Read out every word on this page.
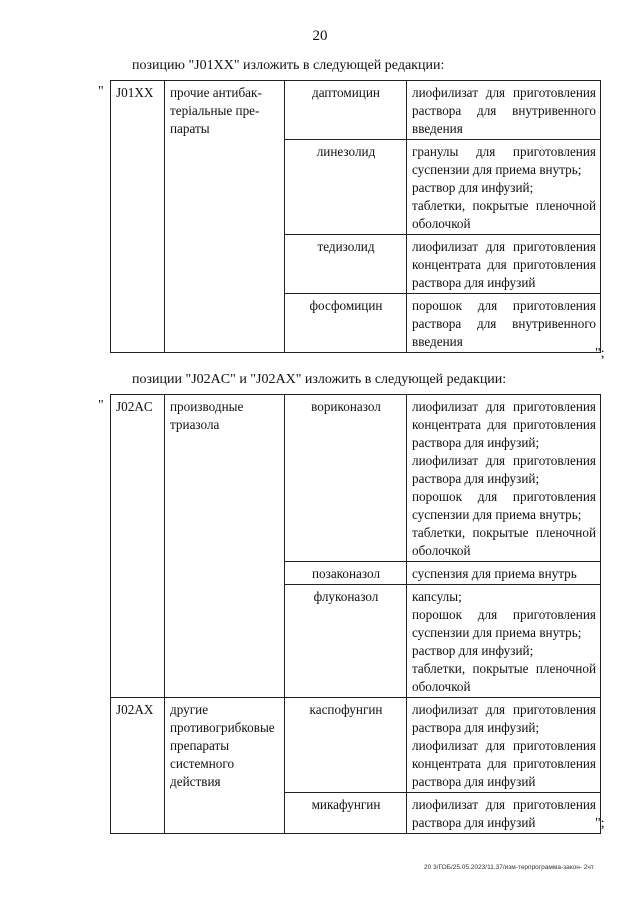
20
позицию "J01XX" изложить в следующей редакции:
" J01XX	прочие антибак-терiальные пре-параты	даптомицин	лиофилизат для приготовления раствора для внутривенного введения

		линезолид	гранулы для приготовления суспензии для приема внутрь;
раствор для инфузий;
таблетки, покрытые пленочной оболочкой

		тедизолид	лиофилизат для приготовления концентрата для приготовления раствора для инфузий

		фосфомицин	порошок для приготовления раствора для внутривенного введения
";
позиции "J02AC" и "J02AX" изложить в следующей редакции:
" J02AC	производные триазола	вориконазол	лиофилизат для приготовления концентрата для приготовления раствора для инфузий;
лиофилизат для приготовления раствора для инфузий;
порошок для приготовления суспензии для приема внутрь;
таблетки, покрытые пленочной оболочкой

		позаконазол	суспензия для приема внутрь

		флуконазол	капсулы;
порошок для приготовления суспензии для приема внутрь;
раствор для инфузий;
таблетки, покрытые пленочной оболочкой

J02AX	другие противогрибковые препараты системного действия	каспофунгин	лиофилизат для приготовления раствора для инфузий;
лиофилизат для приготовления концентрата для приготовления раствора для инфузий

		микафунгин	лиофилизат для приготовления раствора для инфузий	";
20 3/ГОБ/25.05.2023/11.37/изм-терпрограмма-закон- 2чт
